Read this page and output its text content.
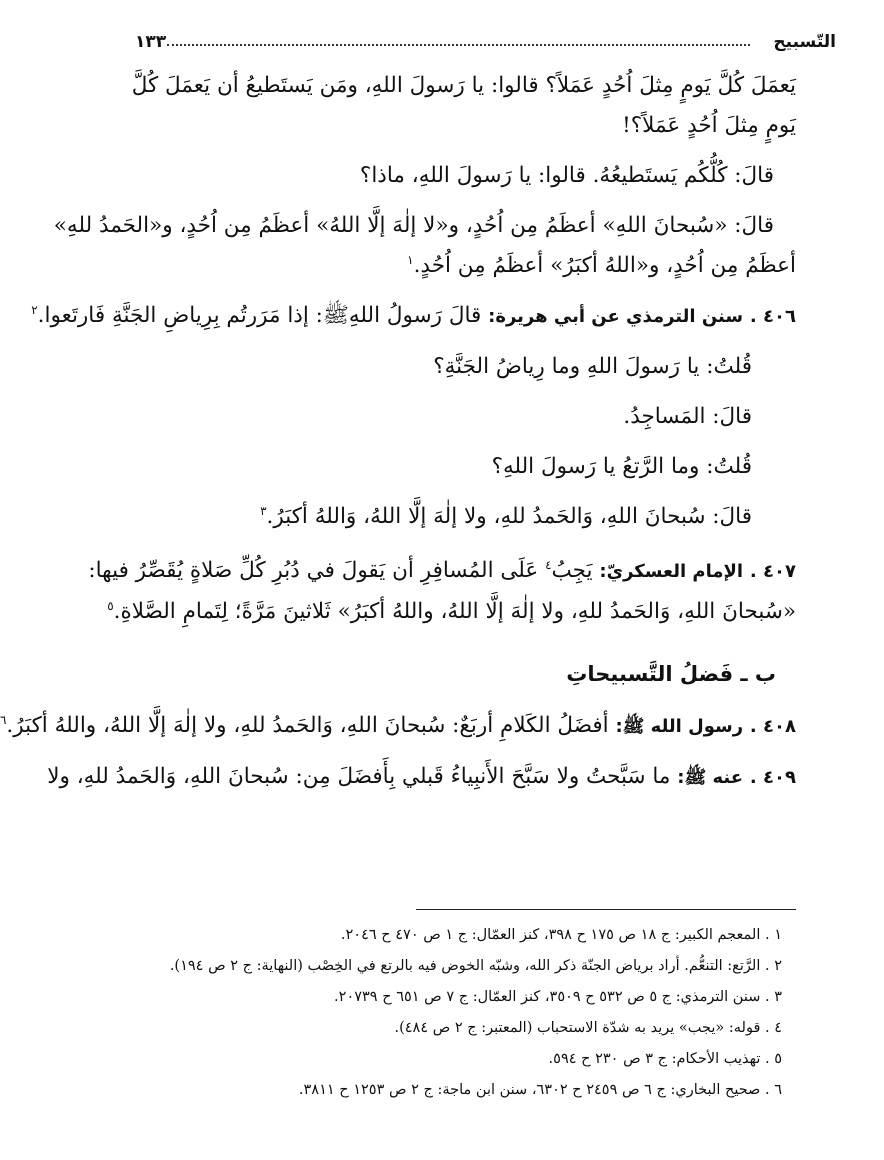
التّسبيح
١٣٣

يَعمَلَ كُلَّ يَومٍ مِثلَ اُحُدٍ عَمَلاً؟ قالوا: يا رَسولَ اللهِ، ومَن يَستَطيعُ أن يَعمَلَ كُلَّ

يَومٍ مِثلَ اُحُدٍ عَمَلاً؟!

قالَ: كُلُّكُم يَستَطيعُهُ. قالوا: يا رَسولَ اللهِ، ماذا؟

قالَ: «سُبحانَ اللهِ» أعظَمُ مِن اُحُدٍ، و«لا إلٰهَ إلَّا اللهُ» أعظَمُ مِن اُحُدٍ، و«الحَمدُ للهِ»

أعظَمُ مِن اُحُدٍ، و«اللهُ أكبَرُ» أعظَمُ مِن اُحُدٍ.$^١$

٤٠٦ . سنن الترمذي عن أبي هريرة: قالَ رَسولُ اللهِﷺ: إذا مَرَرتُم بِرِياضِ الجَنَّةِ فَارتَعوا.$^٢$

قُلتُ: يا رَسولَ اللهِ وما رِياضُ الجَنَّةِ؟

قالَ: المَساجِدُ.

قُلتُ: وما الرَّتعُ يا رَسولَ اللهِ؟

قالَ: سُبحانَ اللهِ، وَالحَمدُ للهِ، ولا إلٰهَ إلَّا اللهُ، وَاللهُ أكبَرُ.$^٣$

٤٠٧ . الإمام العسكريّ: يَجِبُ$^٤$ عَلَى المُسافِرِ أن يَقولَ في دُبُرِ كُلِّ صَلاةٍ يُقَصِّرُ فيها:

«سُبحانَ اللهِ، وَالحَمدُ للهِ، ولا إلٰهَ إلَّا اللهُ، واللهُ أكبَرُ» ثَلاثينَ مَرَّةً؛ لِتَمامِ الصَّلاةِ.$^٥$

ب ـ فَضلُ التَّسبيحاتِ

٤٠٨ . رسول الله ﷺ: أفضَلُ الكَلامِ أربَعٌ: سُبحانَ اللهِ، وَالحَمدُ للهِ، ولا إلٰهَ إلَّا اللهُ، واللهُ أكبَرُ.$^٦$

٤٠٩ . عنه ﷺ: ما سَبَّحتُ ولا سَبَّحَ الأَنبِياءُ قَبلي بِأَفضَلَ مِن: سُبحانَ اللهِ، وَالحَمدُ للهِ، ولا

١ . المعجم الكبير: ج ١٨ ص ١٧٥ ح ٣٩٨، كنز العمّال: ج ١ ص ٤٧٠ ح ٢٠٤٦.

٢ . الرَّتع: التنعُّم. أراد برياض الجنّة ذكر الله، وشبّه الخوض فيه بالرتع في الخِصْب (النهاية: ج ٢ ص ١٩٤).

٣ . سنن الترمذي: ج ٥ ص ٥٣٢ ح ٣٥٠٩، كنز العمّال: ج ٧ ص ٦٥١ ح ٢٠٧٣٩.

٤ . قوله: «يجب» يريد به شدّة الاستحباب (المعتبر: ج ٢ ص ٤٨٤).

٥ . تهذيب الأحكام: ج ٣ ص ٢٣٠ ح ٥٩٤.

٦ . صحيح البخاري: ج ٦ ص ٢٤٥٩ ح ٦٣٠٢، سنن ابن ماجة: ج ٢ ص ١٢٥٣ ح ٣٨١١.
